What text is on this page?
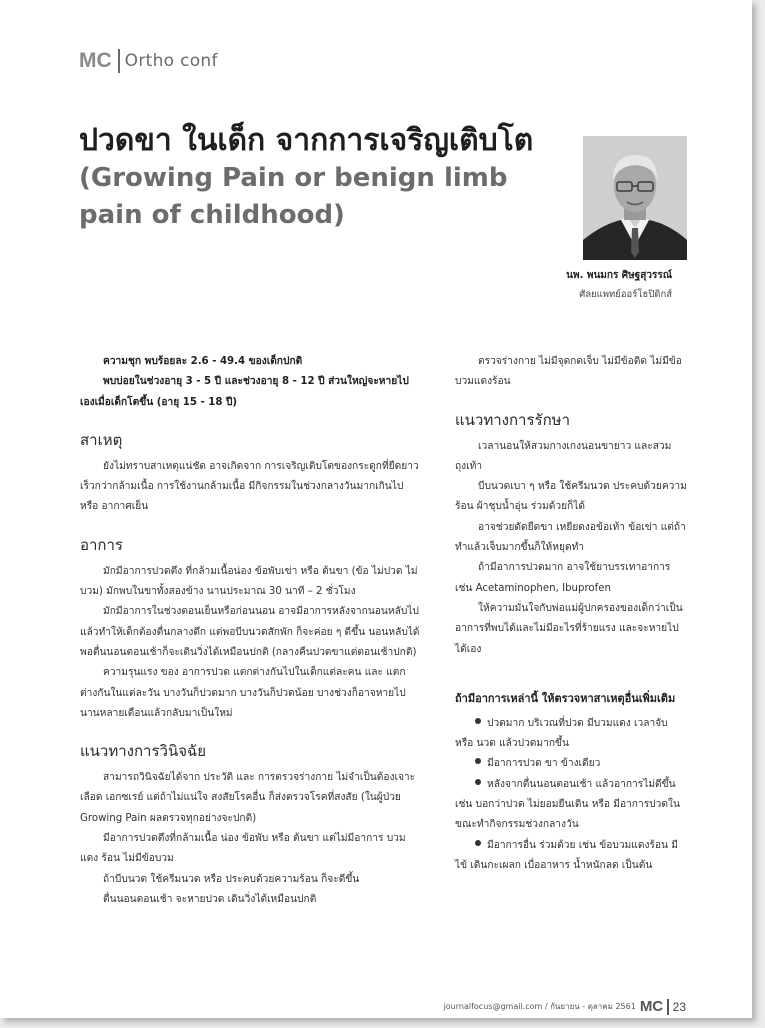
MC Ortho conf
ปวดขา ในเด็ก จากการเจริญเติบโต
(Growing Pain or benign limb pain of childhood)
นพ. พนมกร ศิษฐสุวรรณ์
ศัลยแพทย์ออร์โธปิดิกส์

ความชุก พบร้อยละ 2.6 - 49.4 ของเด็กปกติ

พบบ่อยในช่วงอายุ 3 - 5 ปี และช่วงอายุ 8 - 12 ปี ส่วนใหญ่จะหายไปเองเมื่อเด็กโตขึ้น (อายุ 15 - 18 ปี)

สาเหตุ

ยังไม่ทราบสาเหตุแน่ชัด อาจเกิดจาก การเจริญเติบโตของกระดูกที่ยืดยาวเร็วกว่ากล้ามเนื้อ การใช้งานกล้ามเนื้อ มีกิจกรรมในช่วงกลางวันมากเกินไป หรือ อากาศเย็น

อาการ

มักมีอาการปวดตึง ที่กล้ามเนื้อน่อง ข้อพับเข่า หรือ ต้นขา (ข้อ ไม่ปวด ไม่บวม) มักพบในขาทั้งสองข้าง นานประมาณ 30 นาที – 2 ชั่วโมง

มักมีอาการในช่วงตอนเย็นหรือก่อนนอน อาจมีอาการหลังจากนอนหลับไปแล้วทำให้เด็กต้องตื่นกลางดึก แต่พอบีบนวดสักพัก ก็จะค่อย ๆ ดีขึ้น นอนหลับได้ พอตื่นนอนตอนเช้าก็จะเดินวิ่งได้เหมือนปกติ (กลางคืนปวดขาแต่ตอนเช้าปกติ)

ความรุนแรง ของ อาการปวด แตกต่างกันไปในเด็กแต่ละคน และ แตกต่างกันในแต่ละวัน บางวันก็ปวดมาก บางวันก็ปวดน้อย บางช่วงก็อาจหายไปนานหลายเดือนแล้วกลับมาเป็นใหม่

แนวทางการวินิจฉัย

สามารถวินิจฉัยได้จาก ประวัติ และ การตรวจร่างกาย ไม่จำเป็นต้องเจาะเลือด เอกซเรย์ แต่ถ้าไม่แน่ใจ สงสัยโรคอื่น ก็ส่งตรวจโรคที่สงสัย (ในผู้ป่วย Growing Pain ผลตรวจทุกอย่างจะปกติ)

มีอาการปวดตึงที่กล้ามเนื้อ น่อง ข้อพับ หรือ ต้นขา แต่ไม่มีอาการ บวม แดง ร้อน ไม่มีข้อบวม

ถ้าบีบนวด ใช้ครีมนวด หรือ ประคบด้วยความร้อน ก็จะดีขึ้น

ตื่นนอนตอนเช้า จะหายปวด เดินวิ่งได้เหมือนปกติ

ตรวจร่างกาย ไม่มีจุดกดเจ็บ ไม่มีข้อติด ไม่มีข้อบวมแดงร้อน

แนวทางการรักษา

เวลานอนให้สวมกางเกงนอนขายาว และสวมถุงเท้า

บีบนวดเบา ๆ หรือ ใช้ครีมนวด ประคบด้วยความร้อน ผ้าชุบน้ำอุ่น ร่วมด้วยก็ได้

อาจช่วยดัดยืดขา เหยียดงอข้อเท้า ข้อเข่า แต่ถ้าทำแล้วเจ็บมากขึ้นก็ให้หยุดทำ

ถ้ามีอาการปวดมาก อาจใช้ยาบรรเทาอาการ เช่น Acetaminophen, Ibuprofen

ให้ความมั่นใจกับพ่อแม่ผู้ปกครองของเด็กว่าเป็นอาการที่พบได้และไม่มีอะไรที่ร้ายแรง และจะหายไปได้เอง

ถ้ามีอาการเหล่านี้ ให้ตรวจหาสาเหตุอื่นเพิ่มเติม

ปวดมาก บริเวณที่ปวด มีบวมแดง เวลาจับ หรือ นวด แล้วปวดมากขึ้น

มีอาการปวด ขา ข้างเดียว

หลังจากตื่นนอนตอนเช้า แล้วอาการไม่ดีขึ้น เช่น บอกว่าปวด ไม่ยอมยืนเดิน หรือ มีอาการปวดในขณะทำกิจกรรมช่วงกลางวัน

มีอาการอื่น ร่วมด้วย เช่น ข้อบวมแดงร้อน มีไข้ เดินกะเผลก เบื่ออาหาร น้ำหนักลด เป็นต้น

journalfocus@gmail.com / กันยายน - ตุลาคม 2561 MC 23
